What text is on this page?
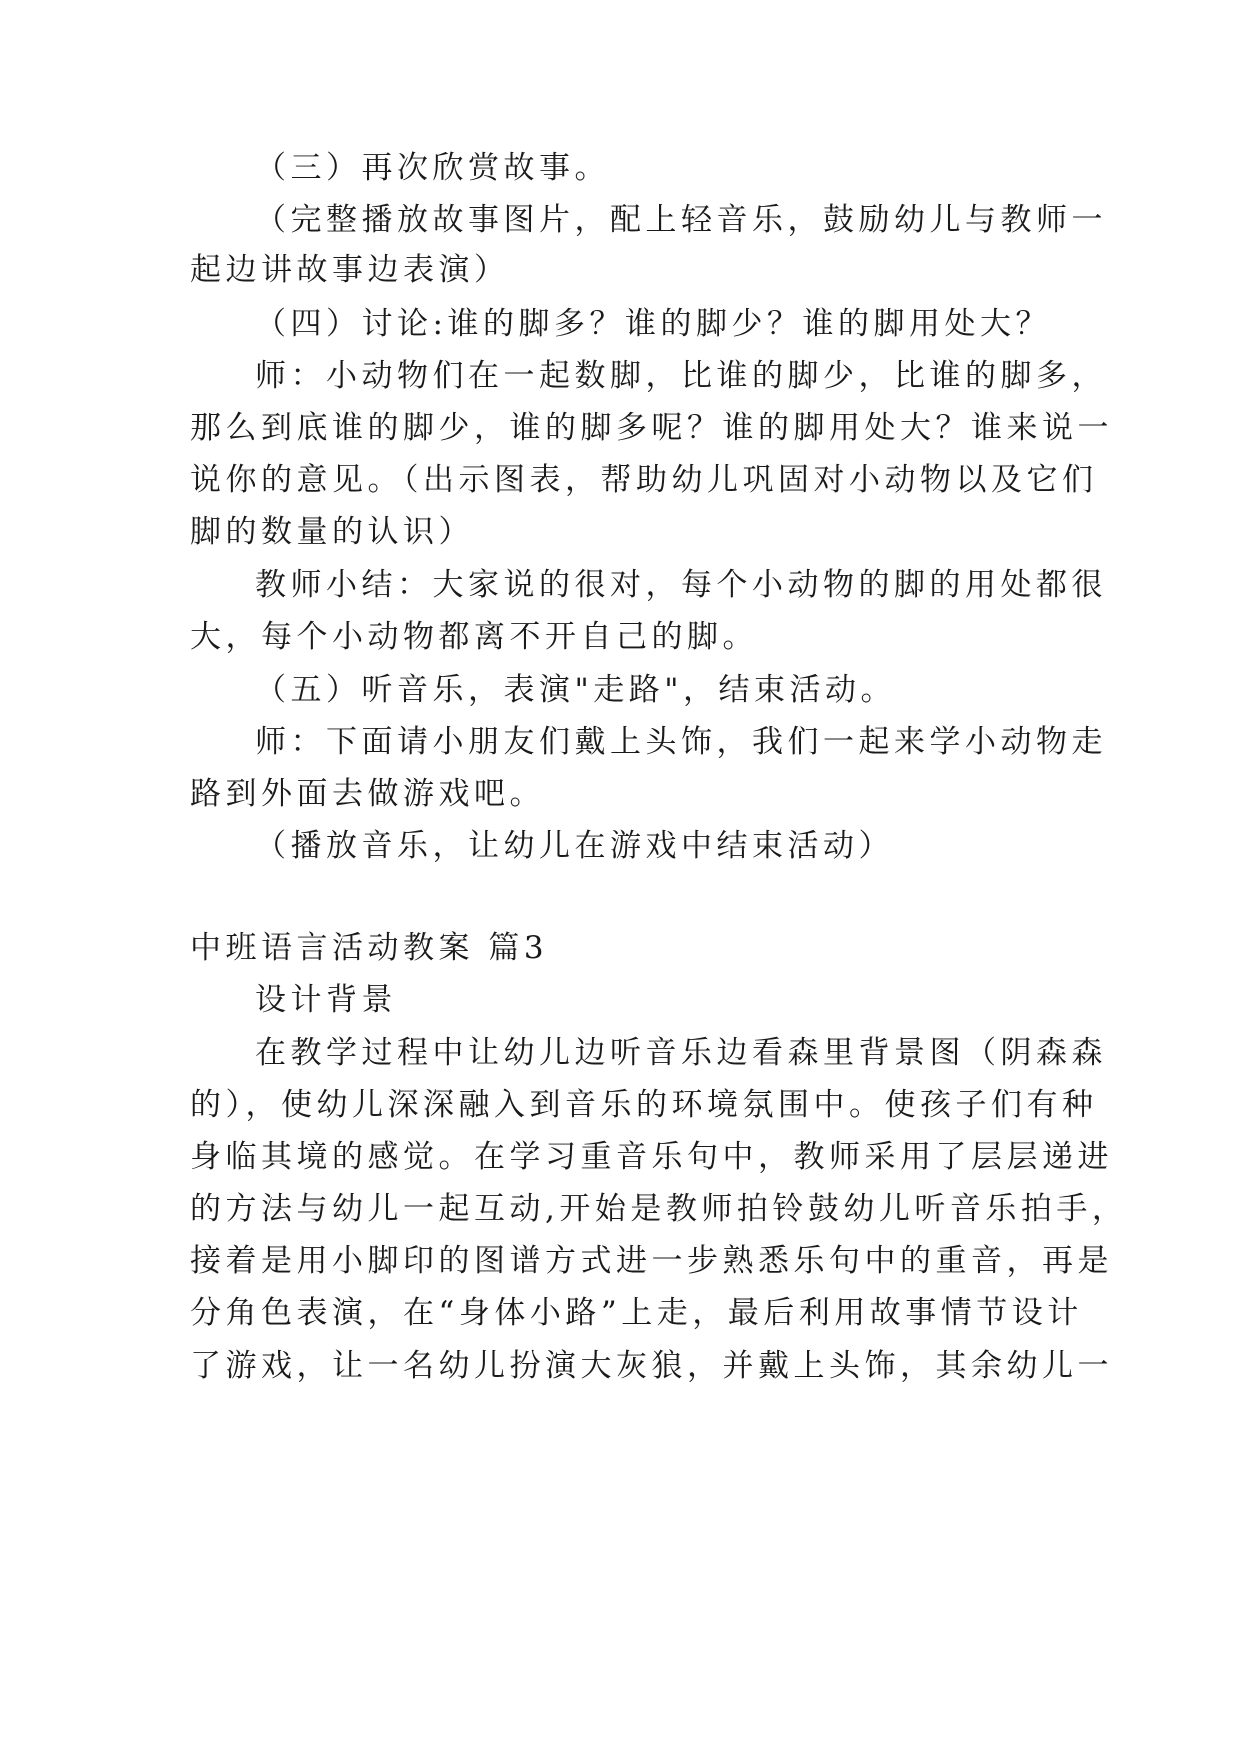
（三）再次欣赏故事。
（完整播放故事图片，配上轻音乐，鼓励幼儿与教师一
起边讲故事边表演）
（四）讨论:谁的脚多？谁的脚少？谁的脚用处大？
师：小动物们在一起数脚，比谁的脚少，比谁的脚多，
那么到底谁的脚少，谁的脚多呢？谁的脚用处大？谁来说一
说你的意见。（出示图表，帮助幼儿巩固对小动物以及它们
脚的数量的认识）
教师小结：大家说的很对，每个小动物的脚的用处都很
大，每个小动物都离不开自己的脚。
（五）听音乐，表演"走路"，结束活动。
师：下面请小朋友们戴上头饰，我们一起来学小动物走
路到外面去做游戏吧。
（播放音乐，让幼儿在游戏中结束活动）
中班语言活动教案 篇3
设计背景
在教学过程中让幼儿边听音乐边看森里背景图（阴森森
的），使幼儿深深融入到音乐的环境氛围中。使孩子们有种
身临其境的感觉。在学习重音乐句中，教师采用了层层递进
的方法与幼儿一起互动,开始是教师拍铃鼓幼儿听音乐拍手，
接着是用小脚印的图谱方式进一步熟悉乐句中的重音，再是
分角色表演，在“身体小路”上走，最后利用故事情节设计
了游戏，让一名幼儿扮演大灰狼，并戴上头饰，其余幼儿一
